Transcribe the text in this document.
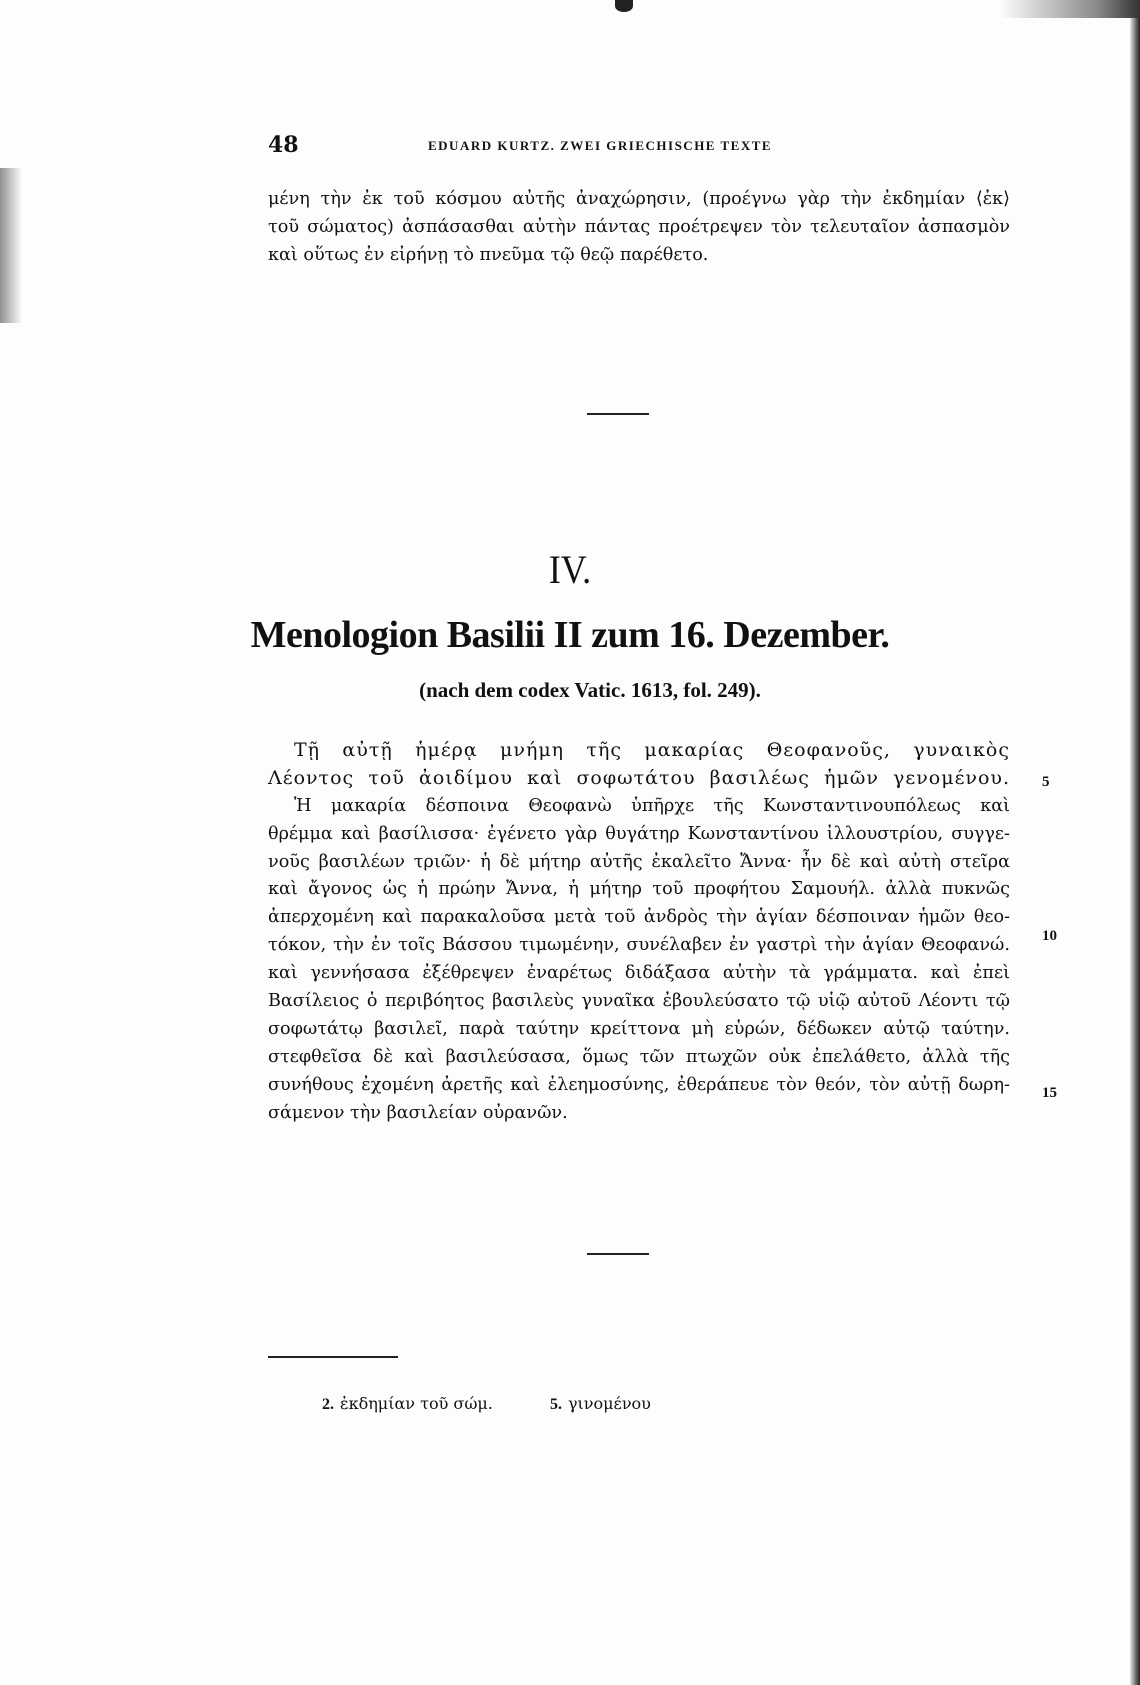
48	EDUARD KURTZ. ZWEI GRIECHISCHE TEXTE
μένη τὴν ἐκ τοῦ κόσμου αὐτῆς ἀναχώρησιν, (προέγνω γὰρ τὴν ἐκδημίαν ⟨ἐκ⟩
τοῦ σώματος) ἀσπάσασθαι αὐτὴν πάντας προέτρεψεν τὸν τελευταῖον ἀσπασμὸν
καὶ οὕτως ἐν εἰρήνῃ τὸ πνεῦμα τῷ θεῷ παρέθετο.
IV.
Menologion Basilii II zum 16. Dezember.
(nach dem codex Vatic. 1613, fol. 249).
Τῇ αὐτῇ ἡμέρᾳ μνήμη τῆς μακαρίας Θεοφανοῦς, γυναικὸς
Λέοντος τοῦ ἀοιδίμου καὶ σοφωτάτου βασιλέως ἡμῶν γενομένου.
Ἡ μακαρία δέσποινα Θεοφανὼ ὑπῆρχε τῆς Κωνσταντινουπόλεως καὶ
θρέμμα καὶ βασίλισσα· ἐγένετο γὰρ θυγάτηρ Κωνσταντίνου ἰλλουστρίου, συγγε-
νοῦς βασιλέων τριῶν· ἡ δὲ μήτηρ αὐτῆς ἐκαλεῖτο Ἄννα· ἦν δὲ καὶ αὐτὴ στεῖρα
καὶ ἄγονος ὡς ἡ πρώην Ἄννα, ἡ μήτηρ τοῦ προφήτου Σαμουήλ. ἀλλὰ πυκνῶς
ἀπερχομένη καὶ παρακαλοῦσα μετὰ τοῦ ἀνδρὸς τὴν ἁγίαν δέσποιναν ἡμῶν θεο-
τόκον, τὴν ἐν τοῖς Βάσσου τιμωμένην, συνέλαβεν ἐν γαστρὶ τὴν ἁγίαν Θεοφανώ.
καὶ γεννήσασα ἐξέθρεψεν ἐναρέτως διδάξασα αὐτὴν τὰ γράμματα. καὶ ἐπεὶ
Βασίλειος ὁ περιβόητος βασιλεὺς γυναῖκα ἐβουλεύσατο τῷ υἱῷ αὐτοῦ Λέοντι τῷ
σοφωτάτῳ βασιλεῖ, παρὰ ταύτην κρείττονα μὴ εὑρών, δέδωκεν αὐτῷ ταύτην.
στεφθεῖσα δὲ καὶ βασιλεύσασα, ὅμως τῶν πτωχῶν οὐκ ἐπελάθετο, ἀλλὰ τῆς
συνήθους ἐχομένη ἀρετῆς καὶ ἐλεημοσύνης, ἐθεράπευε τὸν θεόν, τὸν αὐτῇ δωρη-
σάμενον τὴν βασιλείαν οὐρανῶν.
5
10
15
2. ἐκδημίαν τοῦ σώμ.	5. γινομένου
